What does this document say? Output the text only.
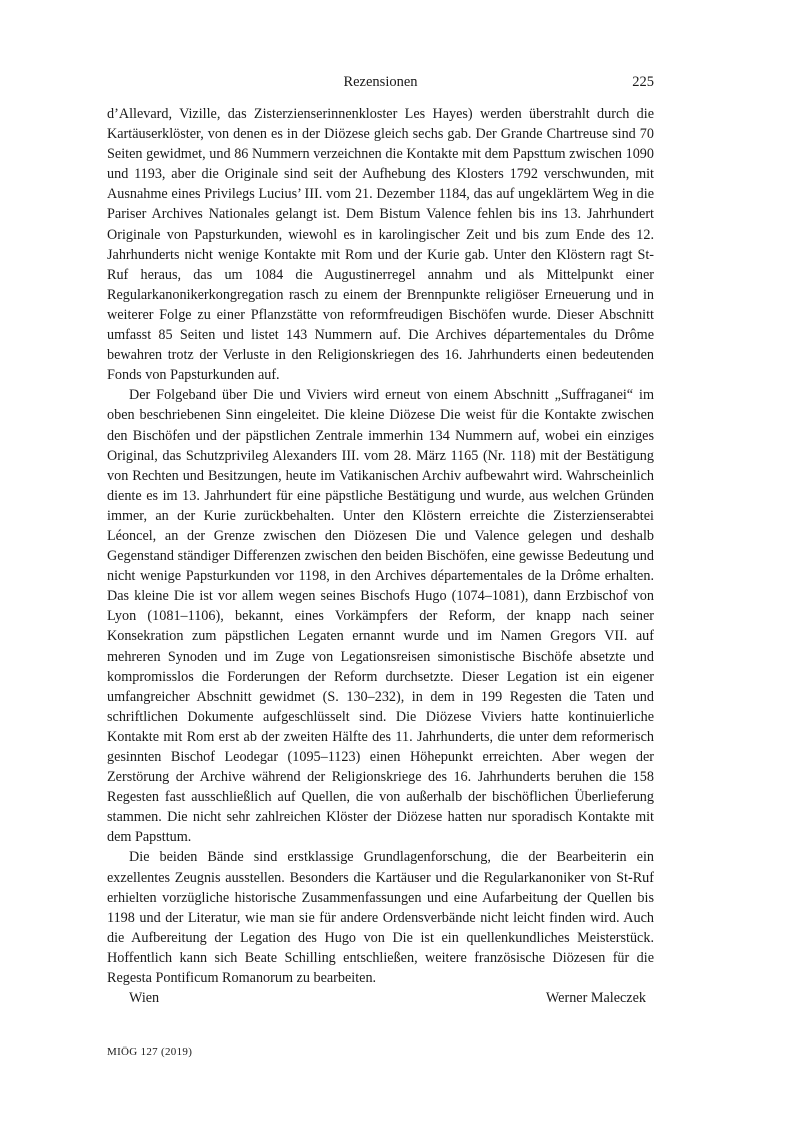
Rezensionen	225

d’Allevard, Vizille, das Zisterzienserinnenkloster Les Hayes) werden überstrahlt durch die Kartäuserklöster, von denen es in der Diözese gleich sechs gab. Der Grande Chartreuse sind 70 Seiten gewidmet, und 86 Nummern verzeichnen die Kontakte mit dem Papsttum zwischen 1090 und 1193, aber die Originale sind seit der Aufhebung des Klosters 1792 verschwunden, mit Ausnahme eines Privilegs Lucius’ III. vom 21. Dezember 1184, das auf ungeklärtem Weg in die Pariser Archives Nationales gelangt ist. Dem Bistum Valence fehlen bis ins 13. Jahrhundert Originale von Papsturkunden, wiewohl es in karolingischer Zeit und bis zum Ende des 12. Jahrhunderts nicht wenige Kontakte mit Rom und der Kurie gab. Unter den Klöstern ragt St-Ruf heraus, das um 1084 die Augustinerregel annahm und als Mittelpunkt einer Regularkanonikerkongregation rasch zu einem der Brennpunkte religiöser Erneuerung und in weiterer Folge zu einer Pflanzstätte von reformfreudigen Bischöfen wurde. Dieser Abschnitt umfasst 85 Seiten und listet 143 Nummern auf. Die Archives départementales du Drôme bewahren trotz der Verluste in den Religionskriegen des 16. Jahrhunderts einen bedeutenden Fonds von Papsturkunden auf.

Der Folgeband über Die und Viviers wird erneut von einem Abschnitt „Suffraganei“ im oben beschriebenen Sinn eingeleitet. Die kleine Diözese Die weist für die Kontakte zwischen den Bischöfen und der päpstlichen Zentrale immerhin 134 Nummern auf, wobei ein einziges Original, das Schutzprivileg Alexanders III. vom 28. März 1165 (Nr. 118) mit der Bestätigung von Rechten und Besitzungen, heute im Vatikanischen Archiv aufbewahrt wird. Wahrscheinlich diente es im 13. Jahrhundert für eine päpstliche Bestätigung und wurde, aus welchen Gründen immer, an der Kurie zurückbehalten. Unter den Klöstern erreichte die Zisterzienserabtei Léoncel, an der Grenze zwischen den Diözesen Die und Valence gelegen und deshalb Gegenstand ständiger Differenzen zwischen den beiden Bischöfen, eine gewisse Bedeutung und nicht wenige Papsturkunden vor 1198, in den Archives départementales de la Drôme erhalten. Das kleine Die ist vor allem wegen seines Bischofs Hugo (1074–1081), dann Erzbischof von Lyon (1081–1106), bekannt, eines Vorkämpfers der Reform, der knapp nach seiner Konsekration zum päpstlichen Legaten ernannt wurde und im Namen Gregors VII. auf mehreren Synoden und im Zuge von Legationsreisen simonistische Bischöfe absetzte und kompromisslos die Forderungen der Reform durchsetzte. Dieser Legation ist ein eigener umfangreicher Abschnitt gewidmet (S. 130–232), in dem in 199 Regesten die Taten und schriftlichen Dokumente aufgeschlüsselt sind. Die Diözese Viviers hatte kontinuierliche Kontakte mit Rom erst ab der zweiten Hälfte des 11. Jahrhunderts, die unter dem reformerisch gesinnten Bischof Leodegar (1095–1123) einen Höhepunkt erreichten. Aber wegen der Zerstörung der Archive während der Religionskriege des 16. Jahrhunderts beruhen die 158 Regesten fast ausschließlich auf Quellen, die von außerhalb der bischöflichen Überlieferung stammen. Die nicht sehr zahlreichen Klöster der Diözese hatten nur sporadisch Kontakte mit dem Papsttum.

Die beiden Bände sind erstklassige Grundlagenforschung, die der Bearbeiterin ein exzellentes Zeugnis ausstellen. Besonders die Kartäuser und die Regularkanoniker von St-Ruf erhielten vorzügliche historische Zusammenfassungen und eine Aufarbeitung der Quellen bis 1198 und der Literatur, wie man sie für andere Ordensverbände nicht leicht finden wird. Auch die Aufbereitung der Legation des Hugo von Die ist ein quellenkundliches Meisterstück. Hoffentlich kann sich Beate Schilling entschließen, weitere französische Diözesen für die Regesta Pontificum Romanorum zu bearbeiten.

Wien	Werner Maleczek
MIÖG 127 (2019)
